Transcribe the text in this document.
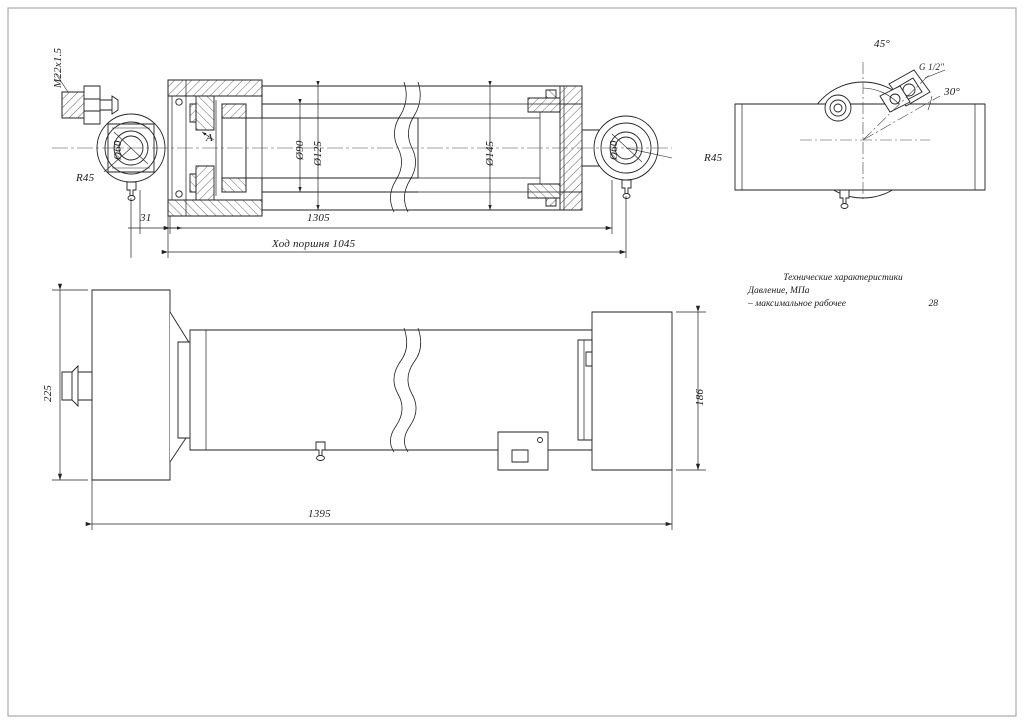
M22x1.5
Ø60
R45
A
Ø90 Ø125	Ø145	Ø60	R45
31	1305
Ход поршня 1045
45°
30°
G 1/2"
225	186
1395
Технические характеристики
Давление, МПа
– максимальное рабочее	28
